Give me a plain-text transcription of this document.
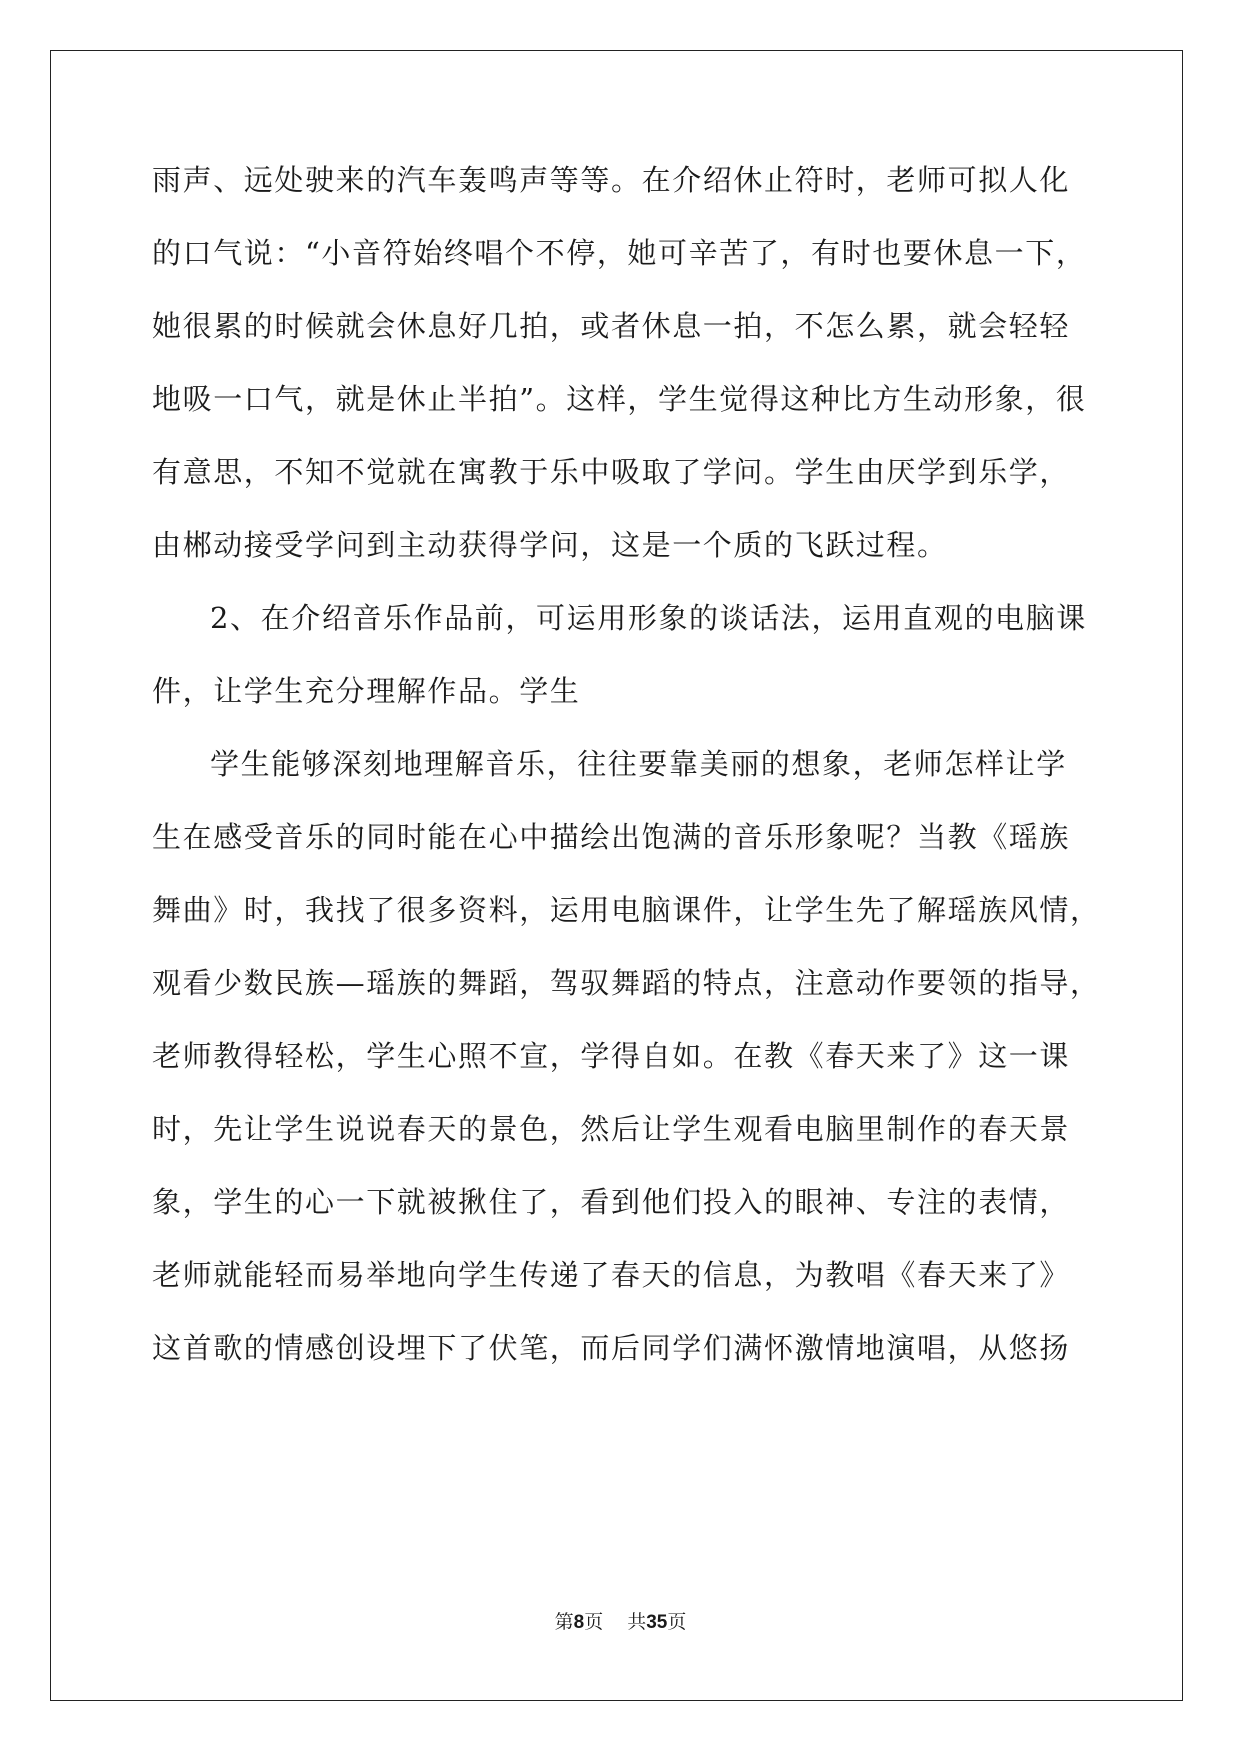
雨声、远处驶来的汽车轰鸣声等等。在介绍休止符时，老师可拟人化
的口气说：“小音符始终唱个不停，她可辛苦了，有时也要休息一下，
她很累的时候就会休息好几拍，或者休息一拍，不怎么累，就会轻轻
地吸一口气，就是休止半拍”。这样，学生觉得这种比方生动形象，很
有意思，不知不觉就在寓教于乐中吸取了学问。学生由厌学到乐学，
由郴动接受学问到主动获得学问，这是一个质的飞跃过程。
2、在介绍音乐作品前，可运用形象的谈话法，运用直观的电脑课
件，让学生充分理解作品。学生
学生能够深刻地理解音乐，往往要靠美丽的想象，老师怎样让学
生在感受音乐的同时能在心中描绘出饱满的音乐形象呢？当教《瑶族
舞曲》时，我找了很多资料，运用电脑课件，让学生先了解瑶族风情，
观看少数民族—瑶族的舞蹈，驾驭舞蹈的特点，注意动作要领的指导，
老师教得轻松，学生心照不宣，学得自如。在教《春天来了》这一课
时，先让学生说说春天的景色，然后让学生观看电脑里制作的春天景
象，学生的心一下就被揪住了，看到他们投入的眼神、专注的表情，
老师就能轻而易举地向学生传递了春天的信息，为教唱《春天来了》
这首歌的情感创设埋下了伏笔，而后同学们满怀激情地演唱，从悠扬
第8页 共35页
